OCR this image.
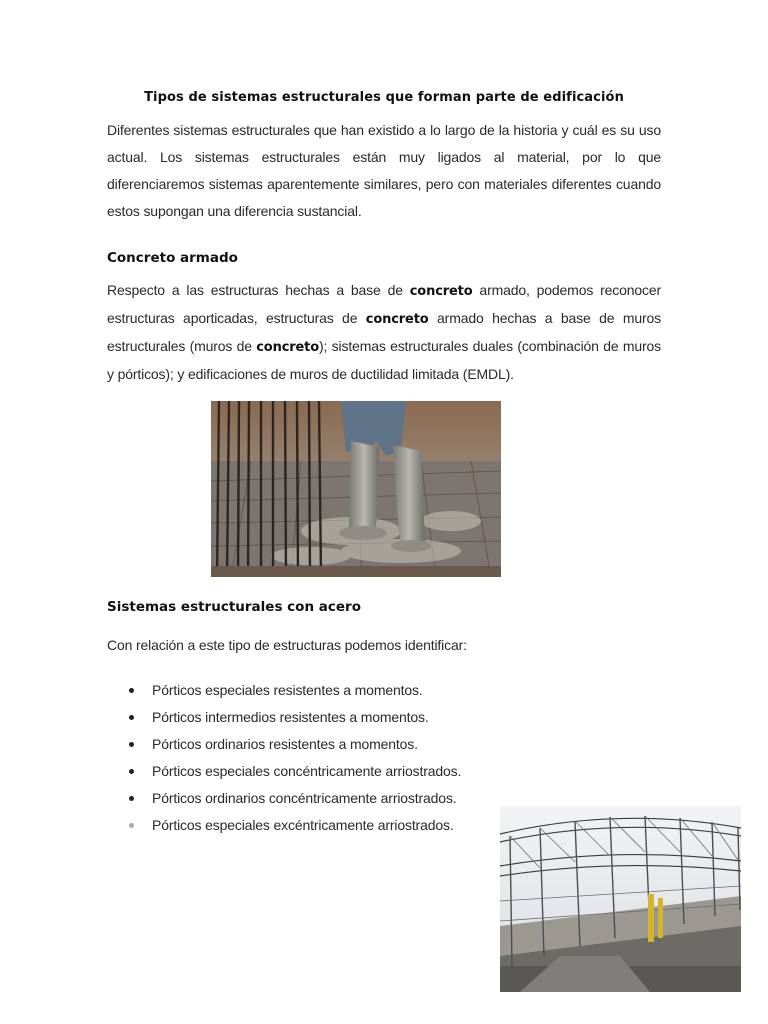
Tipos de sistemas estructurales que forman parte de edificación

Diferentes sistemas estructurales que han existido a lo largo de la historia y cuál es su uso actual. Los sistemas estructurales están muy ligados al material, por lo que diferenciaremos sistemas aparentemente similares, pero con materiales diferentes cuando estos supongan una diferencia sustancial.

Concreto armado

Respecto a las estructuras hechas a base de concreto armado, podemos reconocer estructuras aporticadas, estructuras de concreto armado hechas a base de muros estructurales (muros de concreto); sistemas estructurales duales (combinación de muros y pórticos); y edificaciones de muros de ductilidad limitada (EMDL).

Sistemas estructurales con acero

Con relación a este tipo de estructuras podemos identificar:

Pórticos especiales resistentes a momentos.
Pórticos intermedios resistentes a momentos.
Pórticos ordinarios resistentes a momentos.
Pórticos especiales concéntricamente arriostrados.
Pórticos ordinarios concéntricamente arriostrados.
Pórticos especiales excéntricamente arriostrados.
